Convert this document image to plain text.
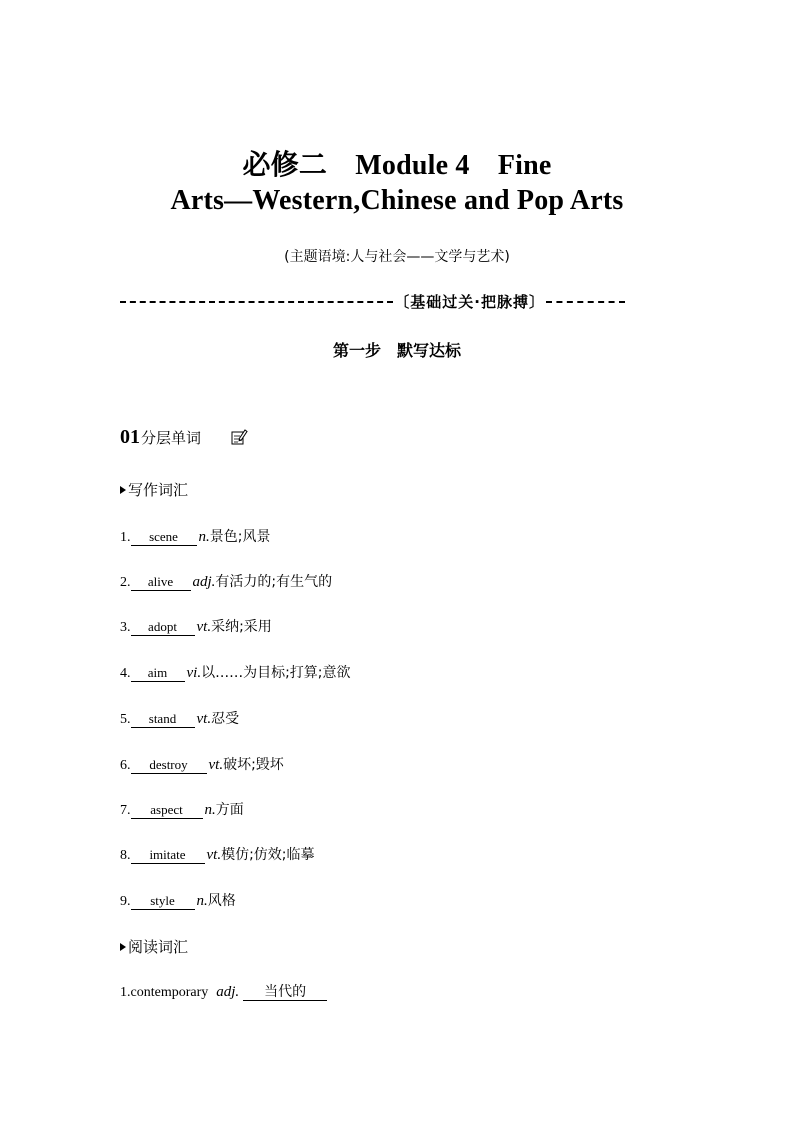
必修二　Module 4　Fine
Arts—Western,Chinese and Pop Arts
(主题语境:人与社会——文学与艺术)
〔基础过关·把脉搏〕
第一步　默写达标
01 分层单词
写作词汇
1. scene n.景色;风景
2. alive adj.有活力的;有生气的
3. adopt vt.采纳;采用
4. aim vi.以……为目标;打算;意欲
5. stand vt.忍受
6. destroy vt.破坏;毁坏
7. aspect n.方面
8. imitate vt.模仿;仿效;临摹
9. style n.风格
阅读词汇
1.contemporary adj. 当代的
